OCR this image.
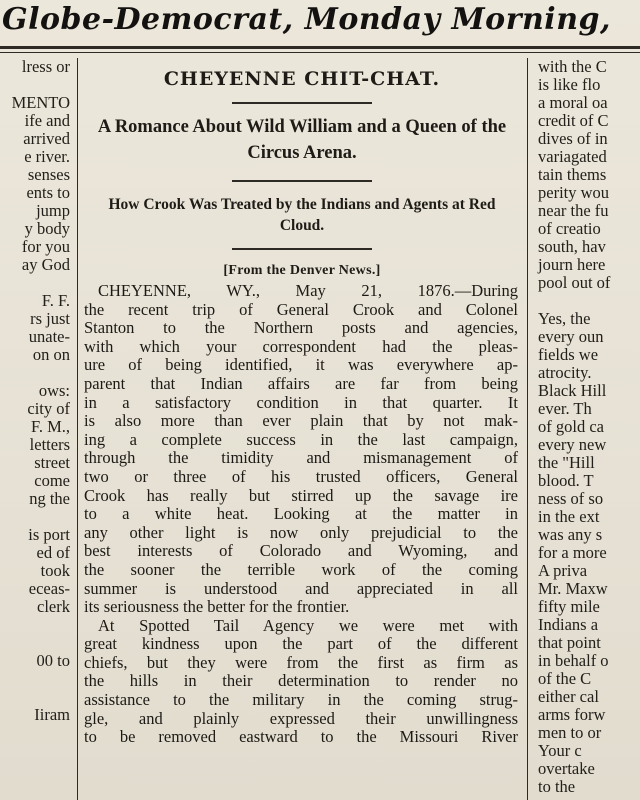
Globe-Democrat, Monday Morning,
lress or
MENTO
ife and
arrived
e river.
senses
ents to
jump
y body
for you
ay God
F. F.
rs just
unate-
on on
ows:
city of
F. M.,
letters
street
come
ng the
is port
ed of
took
eceas-
clerk
00 to
Iiram
with the C
is like flo
a moral oa
credit of C
dives of in
variagated
tain thems
perity wou
near the fu
of creatio
south, hav
journ here
pool out of
Yes, the
every oun
fields we
atrocity.
Black Hill
ever. Th
of gold ca
every new
the "Hill
blood. T
ness of so
in the ext
was any s
for a more
A priva
Mr. Maxw
fifty mile
Indians a
that point
in behalf o
of the C
either cal
arms forw
men to or
Your c
overtake
to the
CHEYENNE CHIT-CHAT.
A Romance About Wild William and a Queen of the Circus Arena.
How Crook Was Treated by the Indians and Agents at Red Cloud.
[From the Denver News.]
CHEYENNE, WY., May 21, 1876.—During
the recent trip of General Crook and Colonel
Stanton to the Northern posts and agencies,
with which your correspondent had the pleas-
ure of being identified, it was everywhere ap-
parent that Indian affairs are far from being
in a satisfactory condition in that quarter. It
is also more than ever plain that by not mak-
ing a complete success in the last campaign,
through the timidity and mismanagement of
two or three of his trusted officers, General
Crook has really but stirred up the savage ire
to a white heat. Looking at the matter in
any other light is now only prejudicial to the
best interests of Colorado and Wyoming, and
the sooner the terrible work of the coming
summer is understood and appreciated in all
its seriousness the better for the frontier.
At Spotted Tail Agency we were met with
great kindness upon the part of the different
chiefs, but they were from the first as firm as
the hills in their determination to render no
assistance to the military in the coming strug-
gle, and plainly expressed their unwillingness
to be removed eastward to the Missouri River
